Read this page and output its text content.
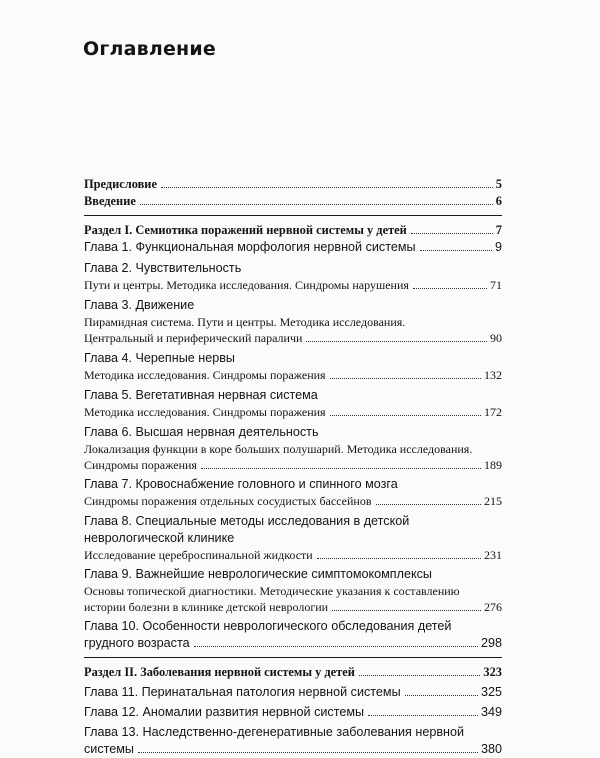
Оглавление
Предисловие	5
Введение	6
Раздел I. Семиотика поражений нервной системы у детей	7
Глава 1. Функциональная морфология нервной системы	9
Глава 2. Чувствительность
Пути и центры. Методика исследования. Синдромы нарушения	71
Глава 3. Движение
Пирамидная система. Пути и центры. Методика исследования.
Центральный и периферический параличи	90
Глава 4. Черепные нервы
Методика исследования. Синдромы поражения	132
Глава 5. Вегетативная нервная система
Методика исследования. Синдромы поражения	172
Глава 6. Высшая нервная деятельность
Локализация функции в коре больших полушарий. Методика исследования.
Синдромы поражения	189
Глава 7. Кровоснабжение головного и спинного мозга
Синдромы поражения отдельных сосудистых бассейнов	215
Глава 8. Специальные методы исследования в детской
неврологической клинике
Исследование цереброспинальной жидкости	231
Глава 9. Важнейшие неврологические симптомокомплексы
Основы топической диагностики. Методические указания к составлению
истории болезни в клинике детской неврологии	276
Глава 10. Особенности неврологического обследования детей
грудного возраста	298
Раздел II. Заболевания нервной системы у детей	323
Глава 11. Перинатальная патология нервной системы	325
Глава 12. Аномалии развития нервной системы	349
Глава 13. Наследственно-дегенеративные заболевания нервной
системы	380
